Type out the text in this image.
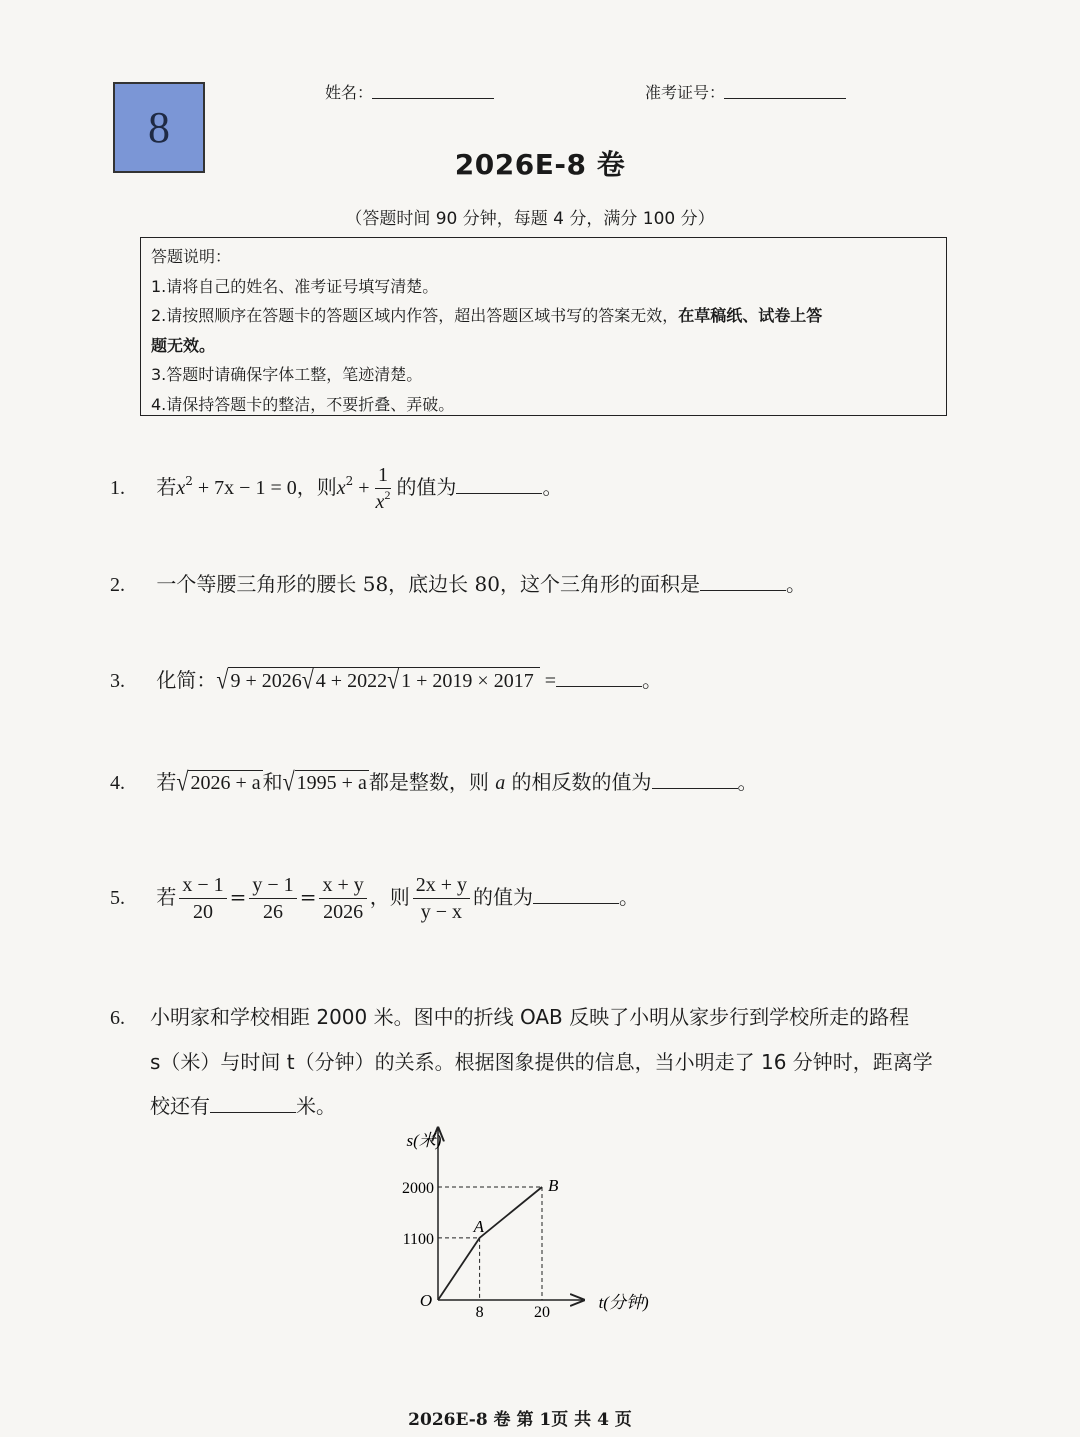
8
姓名：	准考证号：
2026E-8 卷
（答题时间 90 分钟，每题 4 分，满分 100 分）
答题说明：
1.请将自己的姓名、准考证号填写清楚。
2.请按照顺序在答题卡的答题区域内作答，超出答题区域书写的答案无效，在草稿纸、试卷上答
题无效。
3.答题时请确保字体工整，笔迹清楚。
4.请保持答题卡的整洁，不要折叠、弄破。
1. 若$x^2 + 7x - 1 = 0$，则$x^2 + \frac{1}{x^2}$ 的值为	。
2. 一个等腰三角形的腰长 58，底边长 80，这个三角形的面积是	。
3. 化简：√ 9 + 2026√ 4 + 2022√ 1 + 2019 × 2017 =	。
4. 若√ 2026 + a 和√ 1995 + a 都是整数，则 a 的相反数的值为	。
5. 若 $\frac{x - 1}{20} = \frac{y - 1}{26} = \frac{x + y}{2026}$ ，则 $\frac{2x + y}{y - x}$ 的值为	。
6. 小明家和学校相距 2000 米。图中的折线 OAB 反映了小明从家步行到学校所走的路程
s（米）与时间 t（分钟）的关系。根据图象提供的信息，当小明走了 16 分钟时，距离学
校还有	米。
s(米)
t(分钟)
O
8	20
1100
2000
A
B
2026E-8 卷 第 1页 共 4 页
